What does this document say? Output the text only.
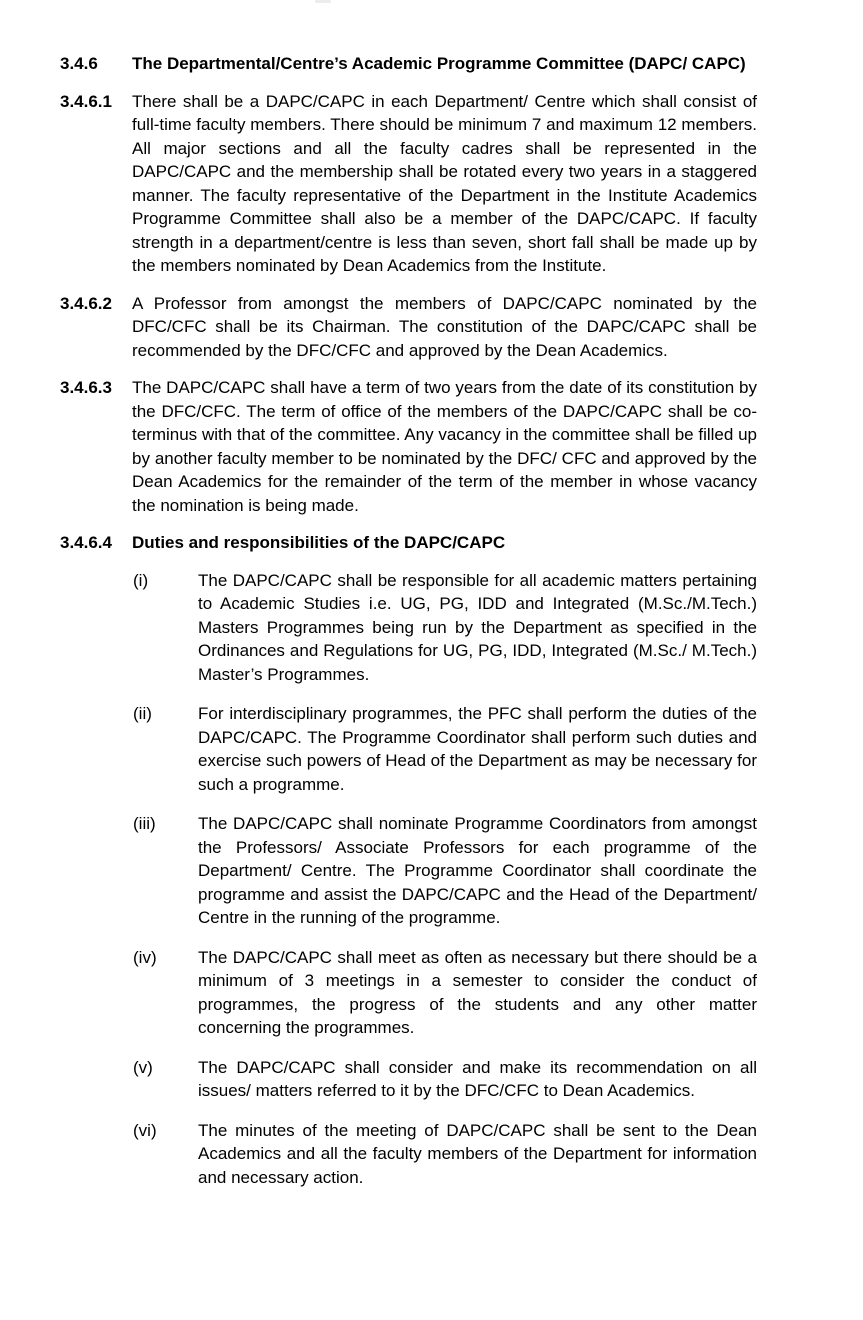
3.4.6	The Departmental/Centre’s Academic Programme Committee (DAPC/ CAPC)
3.4.6.1	There shall be a DAPC/CAPC in each Department/ Centre which shall consist of full-time faculty members. There should be minimum 7 and maximum 12 members. All major sections and all the faculty cadres shall be represented in the DAPC/CAPC and the membership shall be rotated every two years in a staggered manner. The faculty representative of the Department in the Institute Academics Programme Committee shall also be a member of the DAPC/CAPC. If faculty strength in a department/centre is less than seven, short fall shall be made up by the members nominated by Dean Academics from the Institute.

3.4.6.2	A Professor from amongst the members of DAPC/CAPC nominated by the DFC/CFC shall be its Chairman. The constitution of the DAPC/CAPC shall be recommended by the DFC/CFC and approved by the Dean Academics.

3.4.6.3	The DAPC/CAPC shall have a term of two years from the date of its constitution by the DFC/CFC. The term of office of the members of the DAPC/CAPC shall be co-terminus with that of the committee. Any vacancy in the committee shall be filled up by another faculty member to be nominated by the DFC/ CFC and approved by the Dean Academics for the remainder of the term of the member in whose vacancy the nomination is being made.

3.4.6.4	Duties and responsibilities of the DAPC/CAPC
(i)	The DAPC/CAPC shall be responsible for all academic matters pertaining to Academic Studies i.e. UG, PG, IDD and Integrated (M.Sc./M.Tech.) Masters Programmes being run by the Department as specified in the Ordinances and Regulations for UG, PG, IDD, Integrated (M.Sc./ M.Tech.) Master’s Programmes.

(ii)	For interdisciplinary programmes, the PFC shall perform the duties of the DAPC/CAPC. The Programme Coordinator shall perform such duties and exercise such powers of Head of the Department as may be necessary for such a programme.

(iii)	The DAPC/CAPC shall nominate Programme Coordinators from amongst the Professors/ Associate Professors for each programme of the Department/ Centre. The Programme Coordinator shall coordinate the programme and assist the DAPC/CAPC and the Head of the Department/ Centre in the running of the programme.

(iv)	The DAPC/CAPC shall meet as often as necessary but there should be a minimum of 3 meetings in a semester to consider the conduct of programmes, the progress of the students and any other matter concerning the programmes.

(v)	The DAPC/CAPC shall consider and make its recommendation on all issues/ matters referred to it by the DFC/CFC to Dean Academics.

(vi)	The minutes of the meeting of DAPC/CAPC shall be sent to the Dean Academics and all the faculty members of the Department for information and necessary action.
